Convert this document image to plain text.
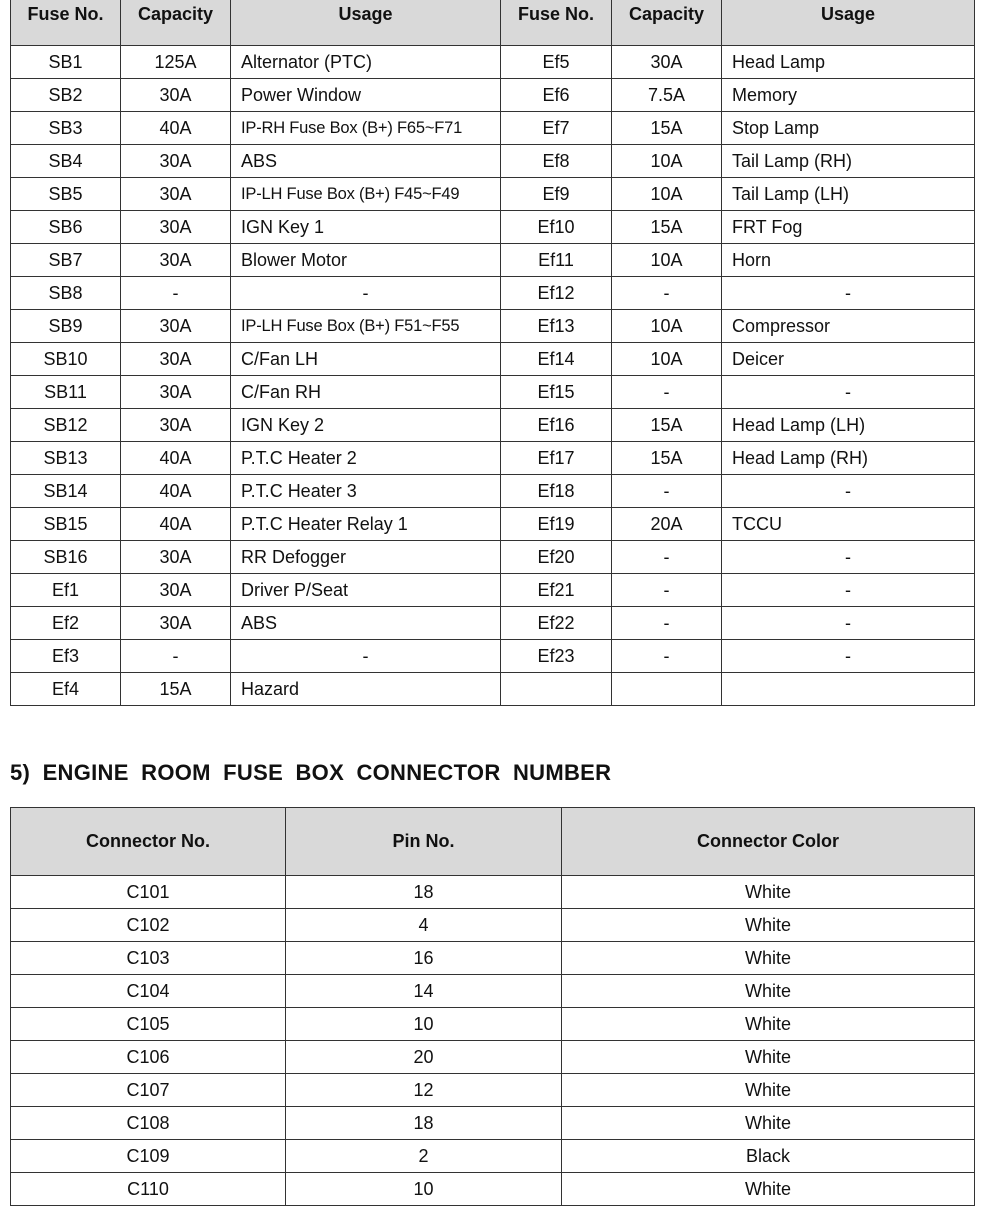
Fuse No.	Capacity	Usage	Fuse No.	Capacity	Usage
SB1	125A	Alternator (PTC)	Ef5	30A	Head Lamp
SB2	30A	Power Window	Ef6	7.5A	Memory
SB3	40A	IP-RH Fuse Box (B+) F65~F71	Ef7	15A	Stop Lamp
SB4	30A	ABS	Ef8	10A	Tail Lamp (RH)
SB5	30A	IP-LH Fuse Box (B+) F45~F49	Ef9	10A	Tail Lamp (LH)
SB6	30A	IGN Key 1	Ef10	15A	FRT Fog
SB7	30A	Blower Motor	Ef11	10A	Horn
SB8	-	-	Ef12	-	-
SB9	30A	IP-LH Fuse Box (B+) F51~F55	Ef13	10A	Compressor
SB10	30A	C/Fan LH	Ef14	10A	Deicer
SB11	30A	C/Fan RH	Ef15	-	-
SB12	30A	IGN Key 2	Ef16	15A	Head Lamp (LH)
SB13	40A	P.T.C Heater 2	Ef17	15A	Head Lamp (RH)
SB14	40A	P.T.C Heater 3	Ef18	-	-
SB15	40A	P.T.C Heater Relay 1	Ef19	20A	TCCU
SB16	30A	RR Defogger	Ef20	-	-
Ef1	30A	Driver P/Seat	Ef21	-	-
Ef2	30A	ABS	Ef22	-	-
Ef3	-	-	Ef23	-	-
Ef4	15A	Hazard			
5) ENGINE ROOM FUSE BOX CONNECTOR NUMBER
Connector No.	Pin No.	Connector Color
C101	18	White
C102	4	White
C103	16	White
C104	14	White
C105	10	White
C106	20	White
C107	12	White
C108	18	White
C109	2	Black
C110	10	White
